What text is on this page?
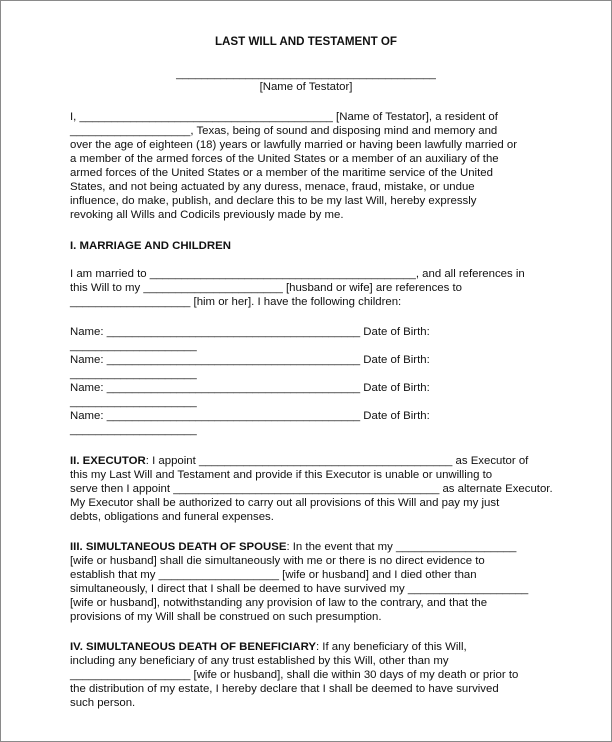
LAST WILL AND TESTAMENT OF
_________________________________________
[Name of Testator]
I, ________________________________________ [Name of Testator], a resident of
___________________, Texas, being of sound and disposing mind and memory and
over the age of eighteen (18) years or lawfully married or having been lawfully married or
a member of the armed forces of the United States or a member of an auxiliary of the
armed forces of the United States or a member of the maritime service of the United
States, and not being actuated by any duress, menace, fraud, mistake, or undue
influence, do make, publish, and declare this to be my last Will, hereby expressly
revoking all Wills and Codicils previously made by me.
I. MARRIAGE AND CHILDREN
I am married to __________________________________________, and all references in
this Will to my ______________________ [husband or wife] are references to
___________________ [him or her]. I have the following children:
Name: ________________________________________ Date of Birth:
____________________
Name: ________________________________________ Date of Birth:
____________________
Name: ________________________________________ Date of Birth:
____________________
Name: ________________________________________ Date of Birth:
____________________
II. EXECUTOR: I appoint ________________________________________ as Executor of
this my Last Will and Testament and provide if this Executor is unable or unwilling to
serve then I appoint __________________________________________ as alternate Executor.
My Executor shall be authorized to carry out all provisions of this Will and pay my just
debts, obligations and funeral expenses.
III. SIMULTANEOUS DEATH OF SPOUSE: In the event that my ___________________
[wife or husband] shall die simultaneously with me or there is no direct evidence to
establish that my ___________________ [wife or husband] and I died other than
simultaneously, I direct that I shall be deemed to have survived my ___________________
[wife or husband], notwithstanding any provision of law to the contrary, and that the
provisions of my Will shall be construed on such presumption.
IV. SIMULTANEOUS DEATH OF BENEFICIARY: If any beneficiary of this Will,
including any beneficiary of any trust established by this Will, other than my
___________________ [wife or husband], shall die within 30 days of my death or prior to
the distribution of my estate, I hereby declare that I shall be deemed to have survived
such person.
